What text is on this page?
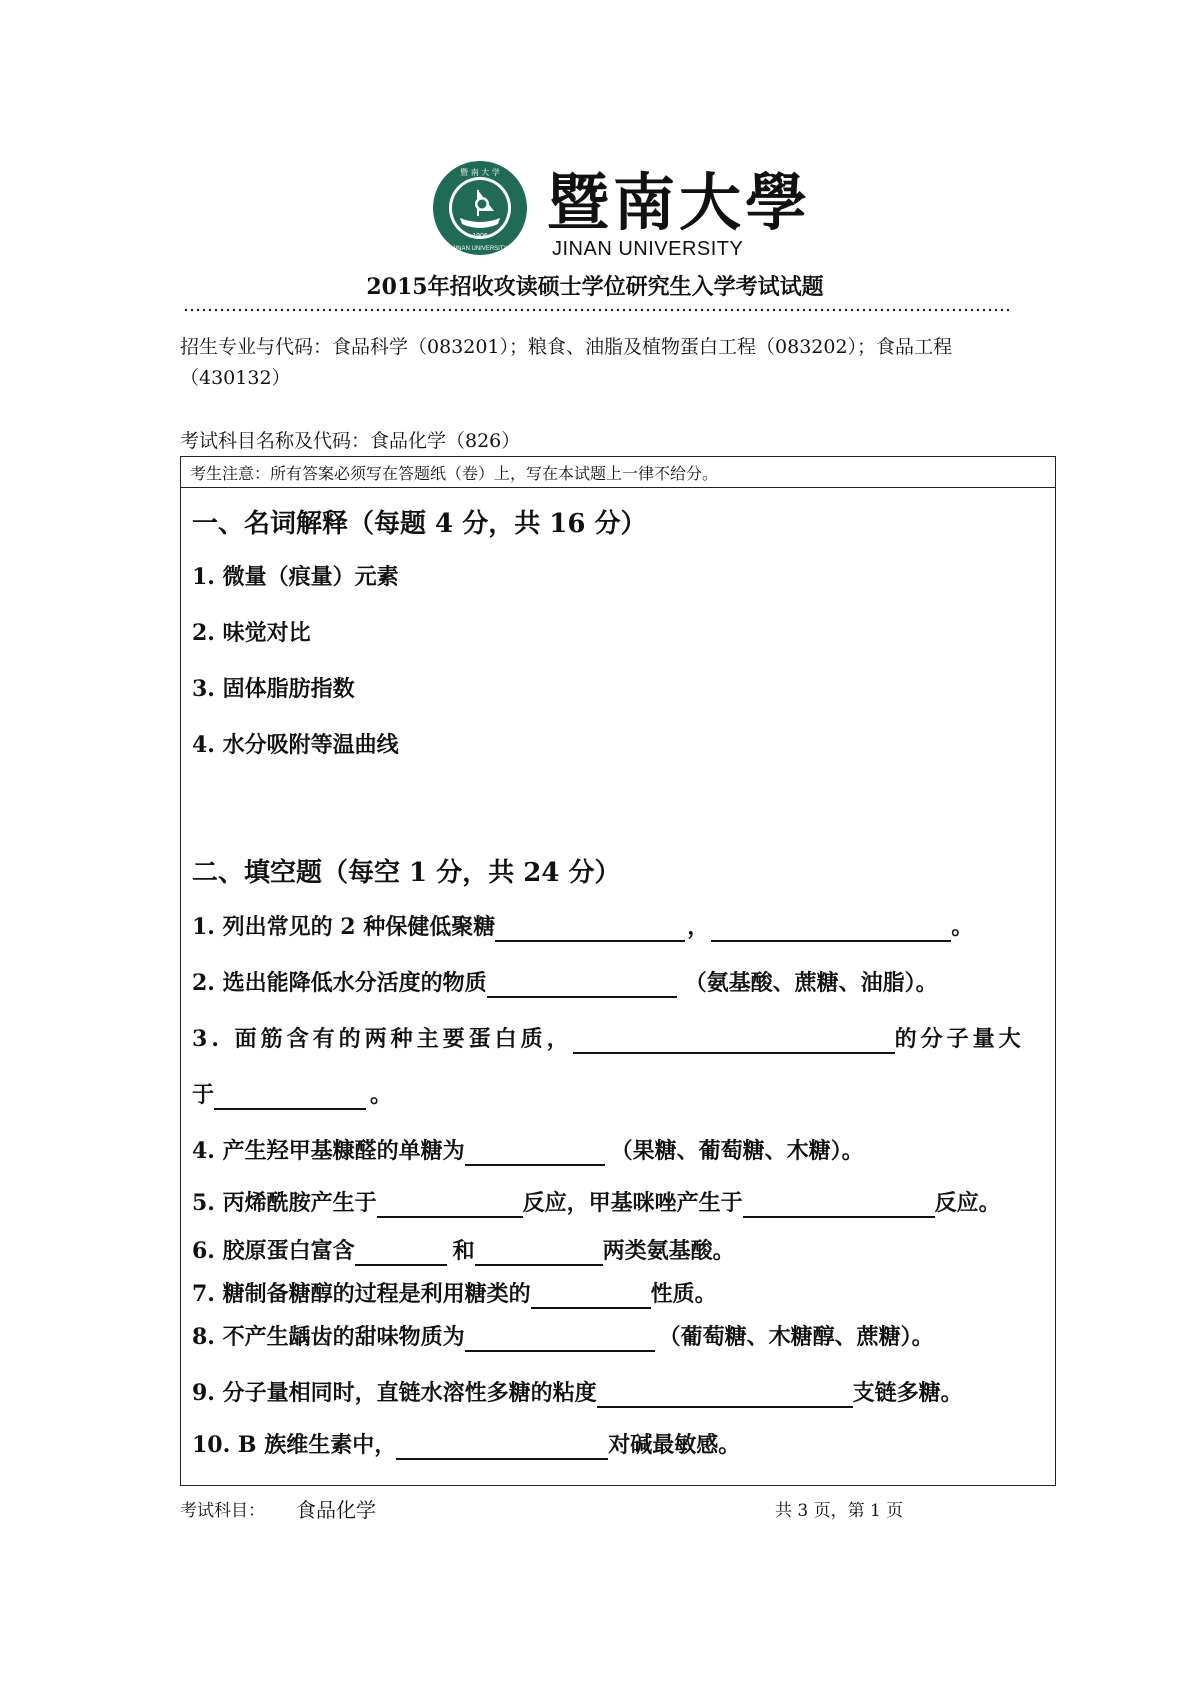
1906
暨 南 大 学
JINAN UNIVERSITY
暨南大學
JINAN UNIVERSITY
2015年招收攻读硕士学位研究生入学考试试题
招生专业与代码：食品科学（083201）；粮食、油脂及植物蛋白工程（083202）；食品工程
（430132）
考试科目名称及代码：食品化学（826）
考生注意：所有答案必须写在答题纸（卷）上，写在本试题上一律不给分。
一、名词解释（每题 4 分，共 16 分）
1. 微量（痕量）元素
2. 味觉对比
3. 固体脂肪指数
4. 水分吸附等温曲线
二、填空题（每空 1 分，共 24 分）
1. 列出常见的 2 种保健低聚糖	，	。
2. 选出能降低水分活度的物质	（氨基酸、蔗糖、油脂）。
3. 面筋含有的两种主要蛋白质，	的分子量大
于	。
4. 产生羟甲基糠醛的单糖为	（果糖、葡萄糖、木糖）。
5. 丙烯酰胺产生于	反应，甲基咪唑产生于	反应。
6. 胶原蛋白富含	和	两类氨基酸。
7. 糖制备糖醇的过程是利用糖类的	性质。
8. 不产生龋齿的甜味物质为	（葡萄糖、木糖醇、蔗糖）。
9. 分子量相同时，直链水溶性多糖的粘度	支链多糖。
10. B 族维生素中，	对碱最敏感。
考试科目： 食品化学	共 3 页，第 1 页
